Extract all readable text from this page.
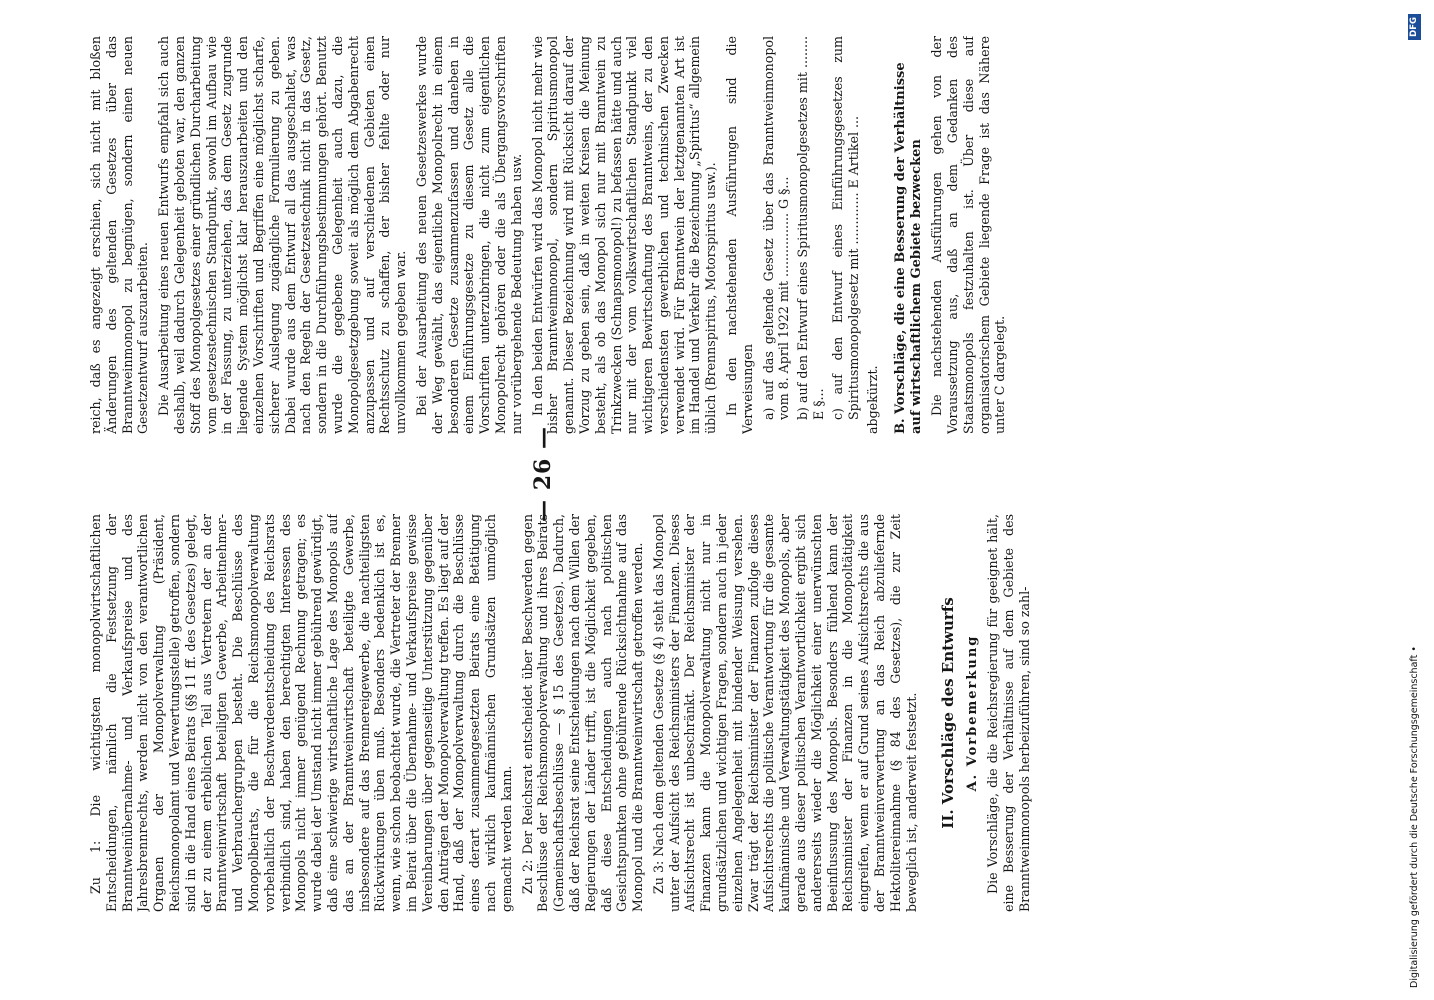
— 26 —

Zu 1: Die wichtigsten monopolwirtschaftlichen Entscheidungen, nämlich die Festsetzung der Branntweinübernahme- und Verkaufspreise und des Jahresbrennrechts, werden nicht von den verantwortlichen Organen der Monopolverwaltung (Präsident, Reichsmonopolamt und Verwertungsstelle) getroffen, sondern sind in die Hand eines Beirats (§§ 11 ff. des Gesetzes) gelegt, der zu einem erheblichen Teil aus Vertretern der an der Branntweinwirtschaft beteiligten Gewerbe, Arbeitnehmer- und Verbrauchergruppen besteht. Die Beschlüsse des Monopolbeirats, die für die Reichsmonopolverwaltung vorbehaltlich der Beschwerdeentscheidung des Reichsrats verbindlich sind, haben den berechtigten Interessen des Monopols nicht immer genügend Rechnung getragen; es wurde dabei der Umstand nicht immer gebührend gewürdigt, daß eine schwierige wirtschaftliche Lage des Monopols auf das an der Branntweinwirtschaft beteiligte Gewerbe, insbesondere auf das Brennereigewerbe, die nachteiligsten Rückwirkungen üben muß. Besonders bedenklich ist es, wenn, wie schon beobachtet wurde, die Vertreter der Brenner im Beirat über die Übernahme- und Verkaufspreise gewisse Vereinbarungen über gegenseitige Unterstützung gegenüber den Anträgen der Monopolverwaltung treffen. Es liegt auf der Hand, daß der Monopolverwaltung durch die Beschlüsse eines derart zusammengesetzten Beirats eine Betätigung nach wirklich kaufmännischen Grundsätzen unmöglich gemacht werden kann. Zu 2: Der Reichsrat entscheidet über Beschwerden gegen Beschlüsse der Reichsmonopolverwaltung und ihres Beirats (Gemeinschaftsbeschlüsse — § 15 des Gesetzes). Dadurch, daß der Reichsrat seine Entscheidungen nach dem Willen der Regierungen der Länder trifft, ist die Möglichkeit gegeben, daß diese Entscheidungen auch nach politischen Gesichtspunkten ohne gebührende Rücksichtnahme auf das Monopol und die Branntweinwirtschaft getroffen werden. Zu 3: Nach dem geltenden Gesetze (§ 4) steht das Monopol unter der Aufsicht des Reichsministers der Finanzen. Dieses Aufsichtsrecht ist unbeschränkt. Der Reichsminister der Finanzen kann die Monopolverwaltung nicht nur in grundsätzlichen und wichtigen Fragen, sondern auch in jeder einzelnen Angelegenheit mit bindender Weisung versehen. Zwar trägt der Reichsminister der Finanzen zufolge dieses Aufsichtsrechts die politische Verantwortung für die gesamte kaufmännische und Verwaltungstätigkeit des Monopols, aber gerade aus dieser politischen Verantwortlichkeit ergibt sich andererseits wieder die Möglichkeit einer unerwünschten Beeinflussung des Monopols. Besonders fühlend kann der Reichsminister der Finanzen in die Monopoltätigkeit eingreifen, wenn er auf Grund seines Aufsichtsrechts die aus der Branntweinverwertung an das Reich abzuliefernde Hektolitereinnahme (§ 84 des Gesetzes), die zur Zeit beweglich ist, anderweit festsetzt. II. Vorschläge des Entwurfs A. Vorbemerkung Die Vorschläge, die die Reichsregierung für geeignet hält, eine Besserung der Verhältnisse auf dem Gebiete des Branntweinmonopols herbeizuführen, sind so zahl-

reich, daß es angezeigt erschien, sich nicht mit bloßen Änderungen des geltenden Gesetzes über das Branntweinmonopol zu begnügen, sondern einen neuen Gesetzentwurf auszuarbeiten. Die Ausarbeitung eines neuen Entwurfs empfahl sich auch deshalb, weil dadurch Gelegenheit geboten war, den ganzen Stoff des Monopolgesetzes einer gründlichen Durcharbeitung vom gesetzestechnischen Standpunkt, sowohl im Aufbau wie in der Fassung, zu unterziehen, das dem Gesetz zugrunde liegende System möglichst klar herauszuarbeiten und den einzelnen Vorschriften und Begriffen eine möglichst scharfe, sicherer Auslegung zugängliche Formulierung zu geben. Dabei wurde aus dem Entwurf all das ausgeschaltet, was nach den Regeln der Gesetzestechnik nicht in das Gesetz, sondern in die Durchführungsbestimmungen gehört. Benutzt wurde die gegebene Gelegenheit auch dazu, die Monopolgesetzgebung soweit als möglich dem Abgabenrecht anzupassen und auf verschiedenen Gebieten einen Rechtsschutz zu schaffen, der bisher fehlte oder nur unvollkommen gegeben war. Bei der Ausarbeitung des neuen Gesetzeswerkes wurde der Weg gewählt, das eigentliche Monopolrecht in einem besonderen Gesetze zusammenzufassen und daneben in einem Einführungsgesetze zu diesem Gesetz alle die Vorschriften unterzubringen, die nicht zum eigentlichen Monopolrecht gehören oder die als Übergangsvorschriften nur vorübergehende Bedeutung haben usw. In den beiden Entwürfen wird das Monopol nicht mehr wie bisher Branntweinmonopol, sondern Spiritusmonopol genannt. Dieser Bezeichnung wird mit Rücksicht darauf der Vorzug zu geben sein, daß in weiten Kreisen die Meinung besteht, als ob das Monopol sich nur mit Branntwein zu Trinkzwecken (Schnapsmonopol!) zu befassen hätte und auch nur mit der vom volkswirtschaftlichen Standpunkt viel wichtigeren Bewirtschaftung des Branntweins, der zu den verschiedensten gewerblichen und technischen Zwecken verwendet wird. Für Branntwein der letztgenannten Art ist im Handel und Verkehr die Bezeichnung „Spiritus“ allgemein üblich (Brennspiritus, Motorspiritus usw.). In den nachstehenden Ausführungen sind die Verweisungen a) auf das geltende Gesetz über das Branntweinmonopol vom 8. April 1922 mit ................ G §... b) auf den Entwurf eines Spiritusmonopolgesetzes mit ........ E §... c) auf den Entwurf eines Einführungsgesetzes zum Spiritusmonopolgesetz mit ............. E Artikel ... abgekürzt. B. Vorschläge, die eine Besserung der Verhältnisse auf wirtschaftlichem Gebiete bezwecken Die nachstehenden Ausführungen gehen von der Voraussetzung aus, daß an dem Gedanken des Staatsmonopols festzuhalten ist. Über diese auf organisatorischem Gebiete liegende Frage ist das Nähere unter C dargelegt.

Digitalisierung gefördert durch die Deutsche Forschungsgemeinschaft •
DFG
